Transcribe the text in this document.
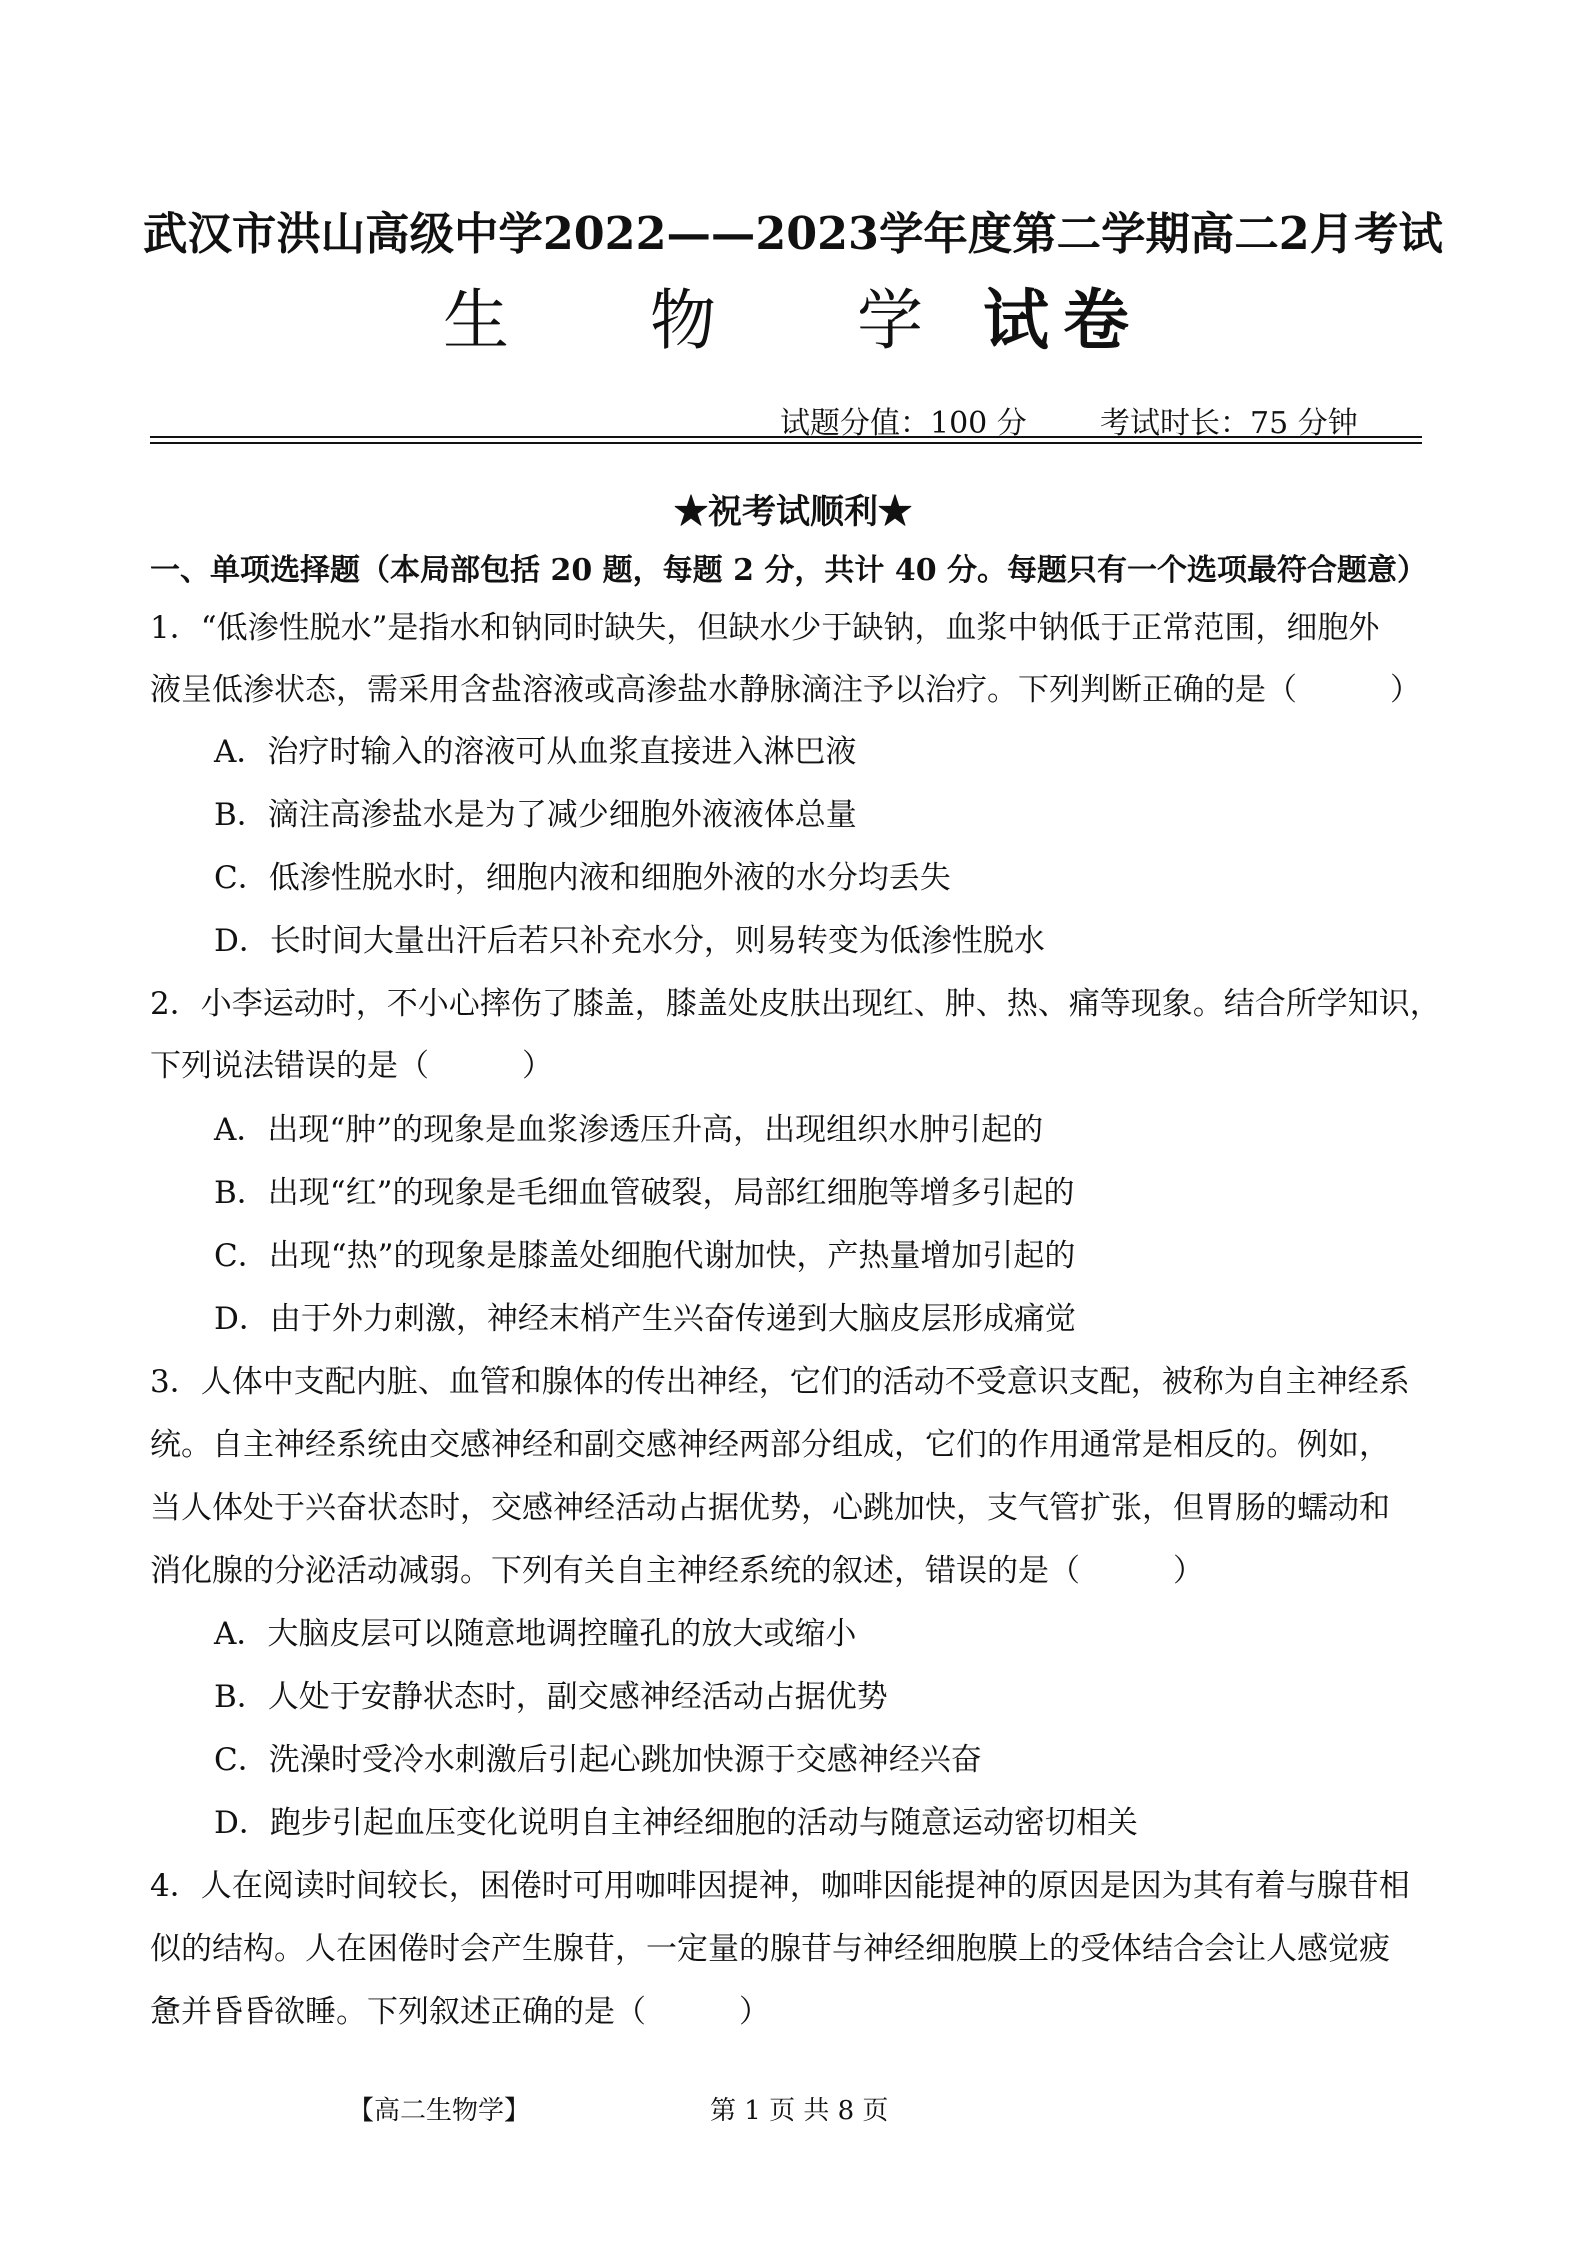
武汉市洪山高级中学2022——2023学年度第二学期高二2月考试
生 物 学试卷
试题分值：100 分 考试时长：75 分钟
★祝考试顺利★
一、单项选择题（本局部包括 20 题，每题 2 分，共计 40 分。每题只有一个选项最符合题意）
1．“低渗性脱水”是指水和钠同时缺失，但缺水少于缺钠，血浆中钠低于正常范围，细胞外
液呈低渗状态，需采用含盐溶液或高渗盐水静脉滴注予以治疗。下列判断正确的是（　　　）
A．治疗时输入的溶液可从血浆直接进入淋巴液
B．滴注高渗盐水是为了减少细胞外液液体总量
C．低渗性脱水时，细胞内液和细胞外液的水分均丢失
D．长时间大量出汗后若只补充水分，则易转变为低渗性脱水
2．小李运动时，不小心摔伤了膝盖，膝盖处皮肤出现红、肿、热、痛等现象。结合所学知识，
下列说法错误的是（　　　）
A．出现“肿”的现象是血浆渗透压升高，出现组织水肿引起的
B．出现“红”的现象是毛细血管破裂，局部红细胞等增多引起的
C．出现“热”的现象是膝盖处细胞代谢加快，产热量增加引起的
D．由于外力刺激，神经末梢产生兴奋传递到大脑皮层形成痛觉
3．人体中支配内脏、血管和腺体的传出神经，它们的活动不受意识支配，被称为自主神经系
统。自主神经系统由交感神经和副交感神经两部分组成，它们的作用通常是相反的。例如，
当人体处于兴奋状态时，交感神经活动占据优势，心跳加快，支气管扩张，但胃肠的蠕动和
消化腺的分泌活动减弱。下列有关自主神经系统的叙述，错误的是（　　　）
A．大脑皮层可以随意地调控瞳孔的放大或缩小
B．人处于安静状态时，副交感神经活动占据优势
C．洗澡时受冷水刺激后引起心跳加快源于交感神经兴奋
D．跑步引起血压变化说明自主神经细胞的活动与随意运动密切相关
4．人在阅读时间较长，困倦时可用咖啡因提神，咖啡因能提神的原因是因为其有着与腺苷相
似的结构。人在困倦时会产生腺苷，一定量的腺苷与神经细胞膜上的受体结合会让人感觉疲
惫并昏昏欲睡。下列叙述正确的是（　　　）
【高二生物学】	第 1 页 共 8 页
